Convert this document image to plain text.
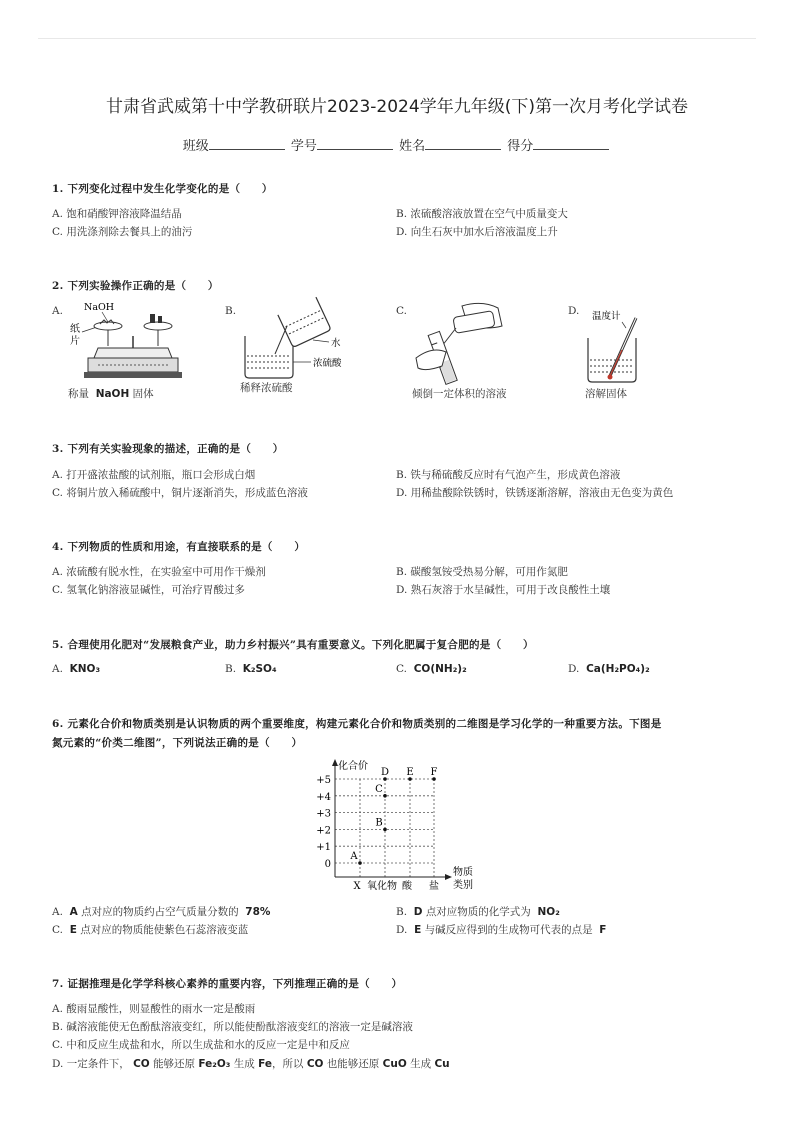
甘肃省武威第十中学教研联片2023-2024学年九年级(下)第一次月考化学试卷
班级	学号	姓名	得分
1. 下列变化过程中发生化学变化的是（　　）
A. 饱和硝酸钾溶液降温结晶	B. 浓硫酸溶液放置在空气中质量变大
C. 用洗涤剂除去餐具上的油污	D. 向生石灰中加水后溶液温度上升
2. 下列实验操作正确的是（　　）
A.	B.	C.	D.
NaOH
纸
片
称量 NaOH 固体
水
浓硫酸
稀释浓硫酸	倾倒一定体积的溶液
温度计
溶解固体
3. 下列有关实验现象的描述，正确的是（　　）
A. 打开盛浓盐酸的试剂瓶，瓶口会形成白烟	B. 铁与稀硫酸反应时有气泡产生，形成黄色溶液
C. 将铜片放入稀硫酸中，铜片逐渐消失，形成蓝色溶液	D. 用稀盐酸除铁锈时，铁锈逐渐溶解，溶液由无色变为黄色
4. 下列物质的性质和用途，有直接联系的是（　　）
A. 浓硫酸有脱水性，在实验室中可用作干燥剂	B. 碳酸氢铵受热易分解，可用作氮肥
C. 氢氧化钠溶液显碱性，可治疗胃酸过多	D. 熟石灰溶于水呈碱性，可用于改良酸性土壤
5. 合理使用化肥对“发展粮食产业，助力乡村振兴”具有重要意义。下列化肥属于复合肥的是（　　）
A. KNO₃	B. K₂SO₄	C. CO(NH₂)₂	D. Ca(H₂PO₄)₂
6. 元素化合价和物质类别是认识物质的两个重要维度，构建元素化合价和物质类别的二维图是学习化学的一种重要方法。下图是
氮元素的“价类二维图”，下列说法正确的是（　　）
化合价
物质
类别
+5
+4
+3
+2
+1
0
X 氧化物 酸 盐
A
B
C
D E F
A. A 点对应的物质约占空气质量分数的 78%	B. D 点对应物质的化学式为 NO₂
C. E 点对应的物质能使紫色石蕊溶液变蓝	D. E 与碱反应得到的生成物可代表的点是 F
7. 证据推理是化学学科核心素养的重要内容，下列推理正确的是（　　）
A. 酸雨显酸性，则显酸性的雨水一定是酸雨
B. 碱溶液能使无色酚酞溶液变红，所以能使酚酞溶液变红的溶液一定是碱溶液
C. 中和反应生成盐和水，所以生成盐和水的反应一定是中和反应
D. 一定条件下， CO 能够还原 Fe₂O₃ 生成 Fe，所以 CO 也能够还原 CuO 生成 Cu
